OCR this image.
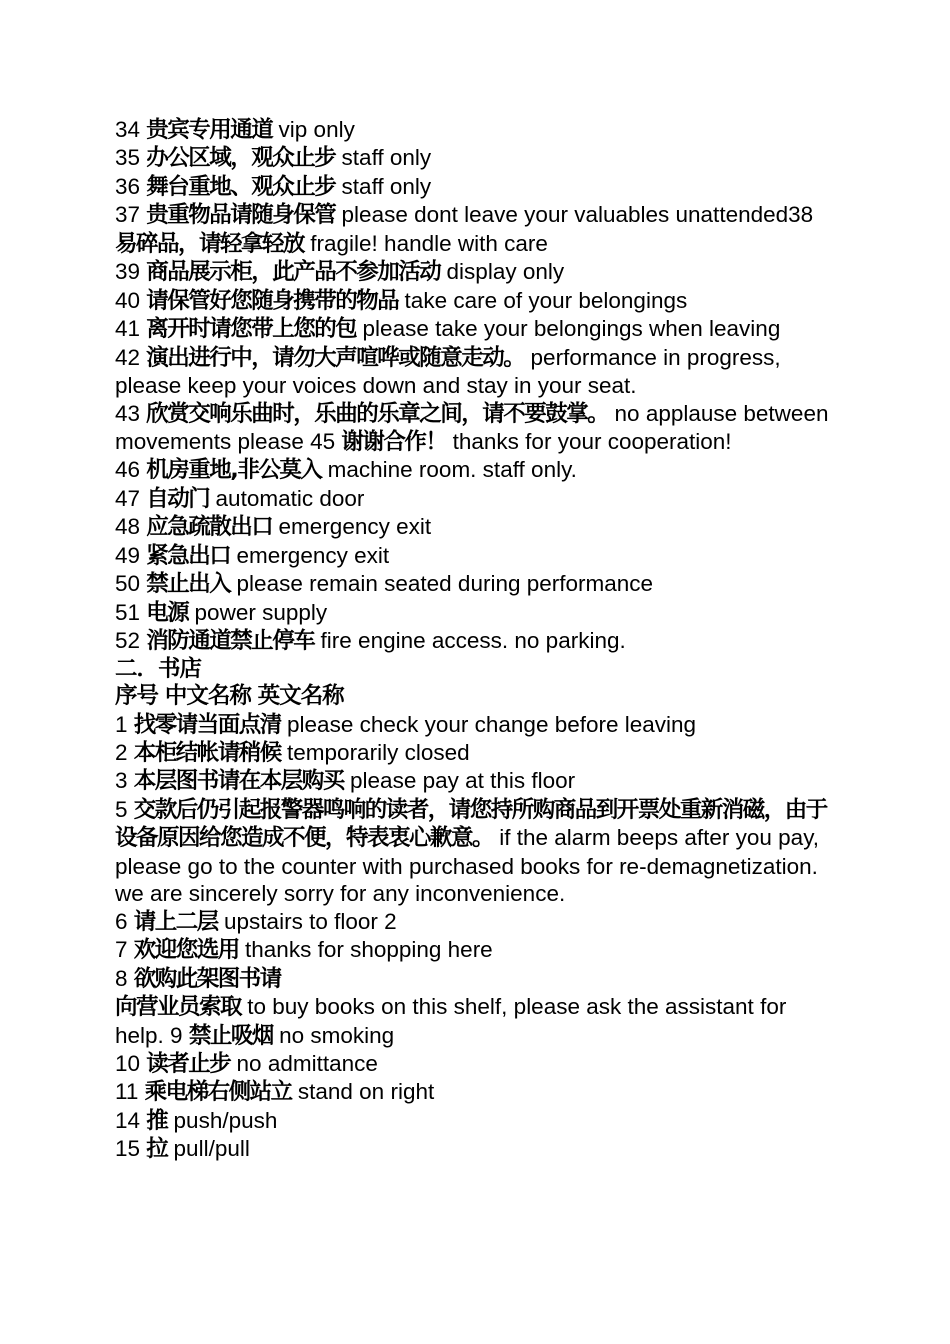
34 贵宾专用通道 vip only

35 办公区域，观众止步 staff only

36 舞台重地、观众止步 staff only

37 贵重物品请随身保管 please dont leave your valuables unattended38 易碎品，请轻拿轻放 fragile! handle with care

39 商品展示柜，此产品不参加活动 display only

40 请保管好您随身携带的物品 take care of your belongings

41 离开时请您带上您的包 please take your belongings when leaving

42 演出进行中，请勿大声喧哗或随意走动。 performance in progress, please keep your voices down and stay in your seat.

43 欣赏交响乐曲时，乐曲的乐章之间，请不要鼓掌。 no applause between movements please 45 谢谢合作！ thanks for your cooperation!

46 机房重地,非公莫入 machine room. staff only.

47 自动门 automatic door

48 应急疏散出口 emergency exit

49 紧急出口 emergency exit

50 禁止出入 please remain seated during performance

51 电源 power supply

52 消防通道禁止停车 fire engine access. no parking.

二．书店

序号 中文名称 英文名称

1 找零请当面点清 please check your change before leaving

2 本柜结帐请稍候 temporarily closed

3 本层图书请在本层购买 please pay at this floor

5 交款后仍引起报警器鸣响的读者，请您持所购商品到开票处重新消磁，由于设备原因给您造成不便，特表衷心歉意。 if the alarm beeps after you pay, please go to the counter with purchased books for re-demagnetization. we are sincerely sorry for any inconvenience.

6 请上二层 upstairs to floor 2

7 欢迎您选用 thanks for shopping here

8 欲购此架图书请

向营业员索取 to buy books on this shelf, please ask the assistant for help. 9 禁止吸烟 no smoking

10 读者止步 no admittance

11 乘电梯右侧站立 stand on right

14 推 push/push

15 拉 pull/pull
